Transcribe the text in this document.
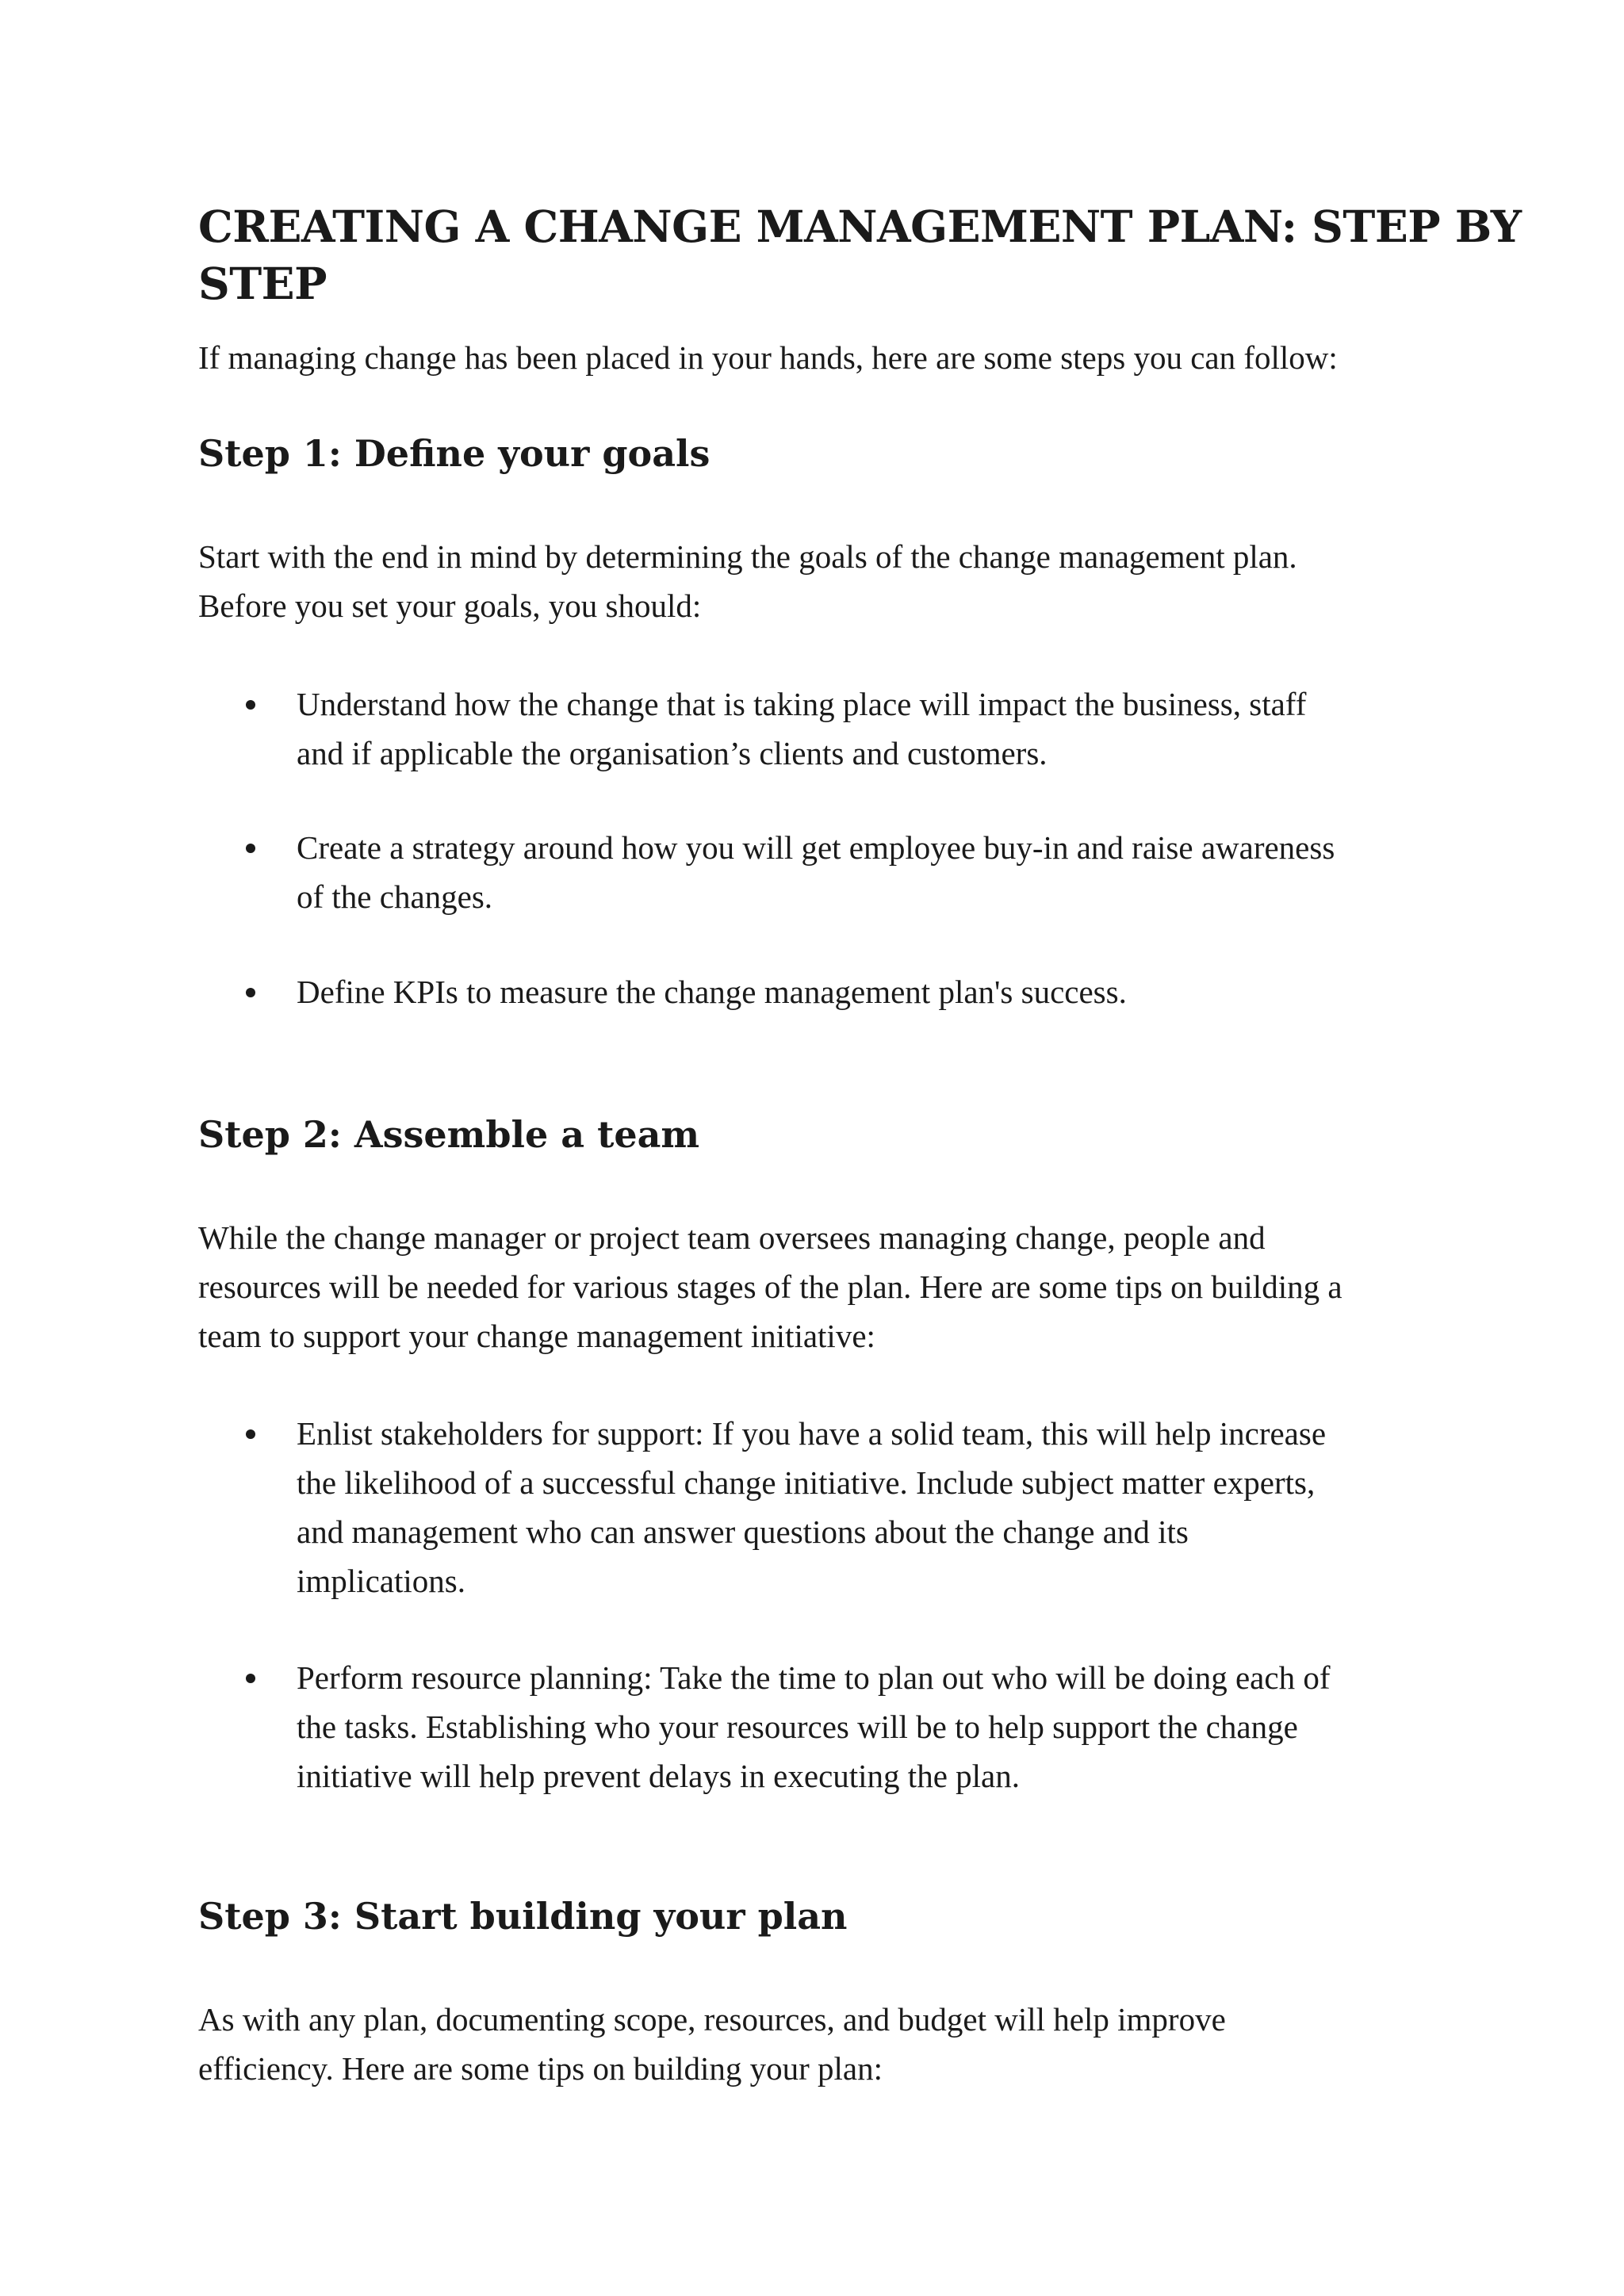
CREATING A CHANGE MANAGEMENT PLAN: STEP BY
STEP

If managing change has been placed in your hands, here are some steps you can follow:

Step 1: Define your goals

Start with the end in mind by determining the goals of the change management plan.
Before you set your goals, you should:

Understand how the change that is taking place will impact the business, staff
and if applicable the organisation’s clients and customers.
Create a strategy around how you will get employee buy-in and raise awareness
of the changes.
Define KPIs to measure the change management plan's success.
Step 2: Assemble a team

While the change manager or project team oversees managing change, people and
resources will be needed for various stages of the plan. Here are some tips on building a
team to support your change management initiative:

Enlist stakeholders for support: If you have a solid team, this will help increase
the likelihood of a successful change initiative. Include subject matter experts,
and management who can answer questions about the change and its
implications.
Perform resource planning: Take the time to plan out who will be doing each of
the tasks. Establishing who your resources will be to help support the change
initiative will help prevent delays in executing the plan.
Step 3: Start building your plan

As with any plan, documenting scope, resources, and budget will help improve
efficiency. Here are some tips on building your plan:
